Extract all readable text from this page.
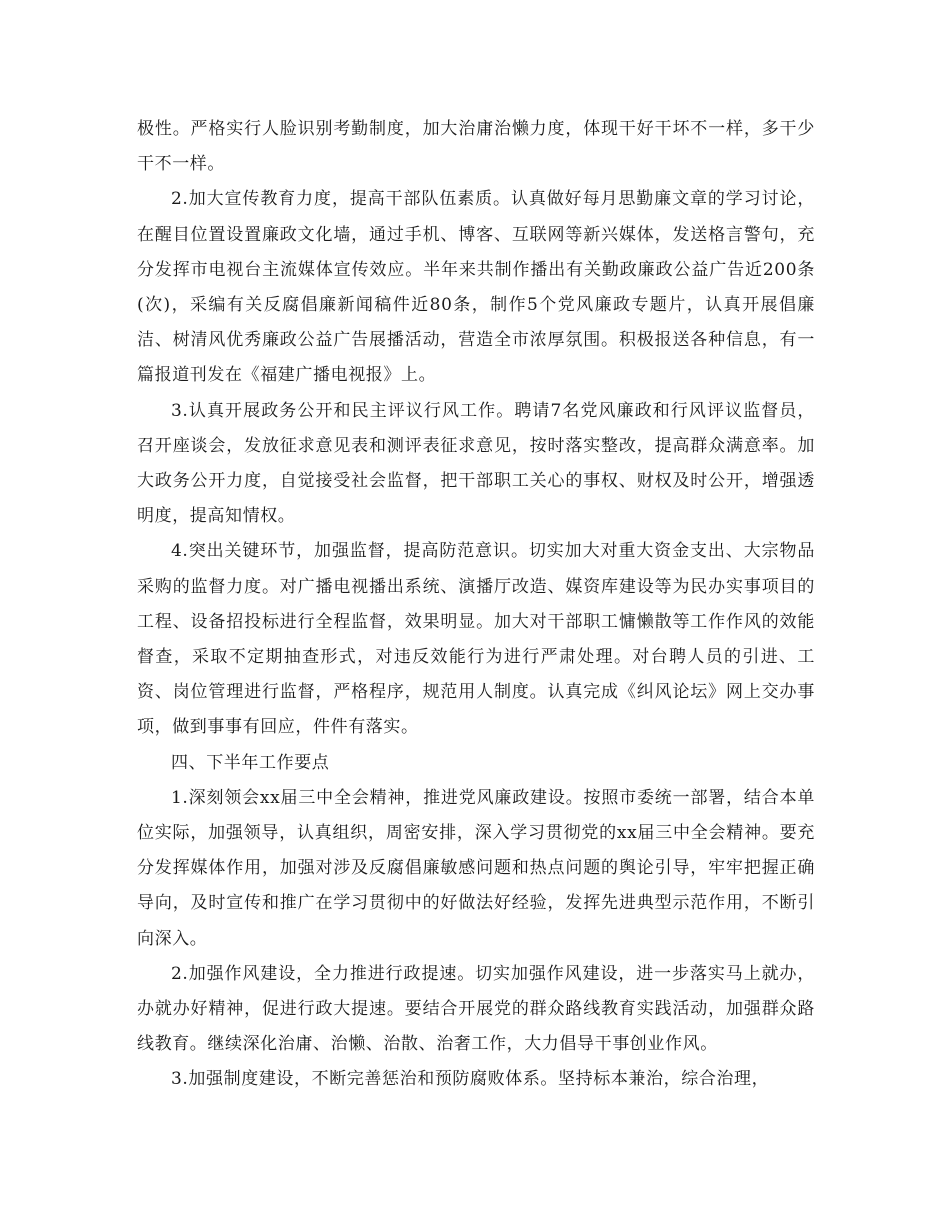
极性。严格实行人脸识别考勤制度，加大治庸治懒力度，体现干好干坏不一样，多干少干不一样。

2.加大宣传教育力度，提高干部队伍素质。认真做好每月思勤廉文章的学习讨论，在醒目位置设置廉政文化墙，通过手机、博客、互联网等新兴媒体，发送格言警句，充分发挥市电视台主流媒体宣传效应。半年来共制作播出有关勤政廉政公益广告近200条(次)，采编有关反腐倡廉新闻稿件近80条，制作5个党风廉政专题片，认真开展倡廉洁、树清风优秀廉政公益广告展播活动，营造全市浓厚氛围。积极报送各种信息，有一篇报道刊发在《福建广播电视报》上。

3.认真开展政务公开和民主评议行风工作。聘请7名党风廉政和行风评议监督员，召开座谈会，发放征求意见表和测评表征求意见，按时落实整改，提高群众满意率。加大政务公开力度，自觉接受社会监督，把干部职工关心的事权、财权及时公开，增强透明度，提高知情权。

4.突出关键环节，加强监督，提高防范意识。切实加大对重大资金支出、大宗物品采购的监督力度。对广播电视播出系统、演播厅改造、媒资库建设等为民办实事项目的工程、设备招投标进行全程监督，效果明显。加大对干部职工慵懒散等工作作风的效能督查，采取不定期抽查形式，对违反效能行为进行严肃处理。对台聘人员的引进、工资、岗位管理进行监督，严格程序，规范用人制度。认真完成《纠风论坛》网上交办事项，做到事事有回应，件件有落实。

四、下半年工作要点

1.深刻领会xx届三中全会精神，推进党风廉政建设。按照市委统一部署，结合本单位实际，加强领导，认真组织，周密安排，深入学习贯彻党的xx届三中全会精神。要充分发挥媒体作用，加强对涉及反腐倡廉敏感问题和热点问题的舆论引导，牢牢把握正确导向，及时宣传和推广在学习贯彻中的好做法好经验，发挥先进典型示范作用，不断引向深入。

2.加强作风建设，全力推进行政提速。切实加强作风建设，进一步落实马上就办，办就办好精神，促进行政大提速。要结合开展党的群众路线教育实践活动，加强群众路线教育。继续深化治庸、治懒、治散、治奢工作，大力倡导干事创业作风。

3.加强制度建设，不断完善惩治和预防腐败体系。坚持标本兼治，综合治理，
